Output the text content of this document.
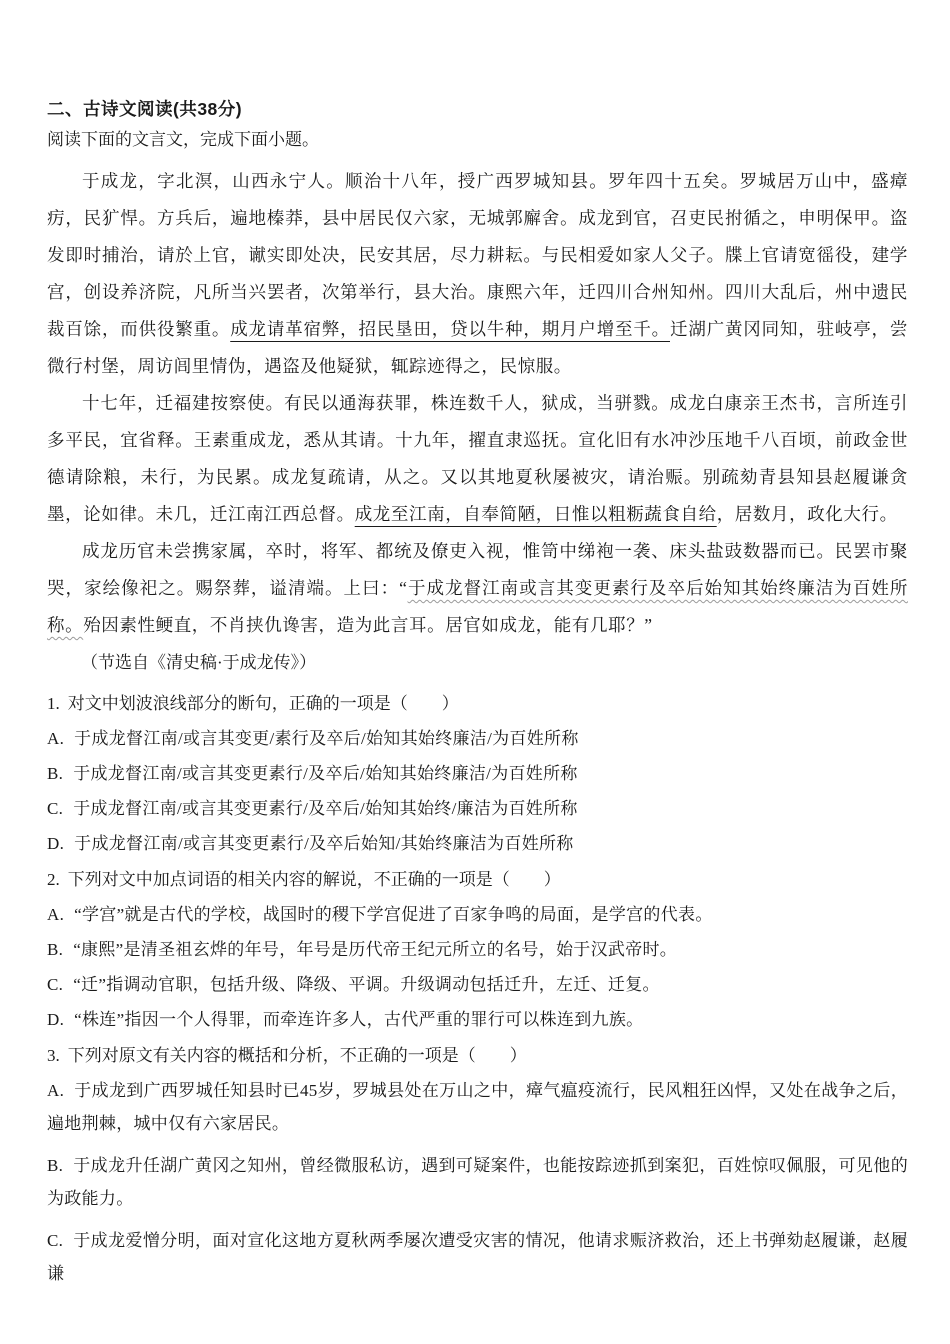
二、古诗文阅读(共38分)
阅读下面的文言文，完成下面小题。

于成龙，字北溟，山西永宁人。顺治十八年，授广西罗城知县。罗年四十五矣。罗城居万山中，盛瘴疠，民犷悍。方兵后，遍地榛莽，县中居民仅六家，无城郭廨舍。成龙到官，召吏民拊循之，申明保甲。盗发即时捕治，请於上官，谳实即处决，民安其居，尽力耕耘。与民相爱如家人父子。牒上官请宽徭役，建学宫，创设养济院，凡所当兴罢者，次第举行，县大治。康熙六年，迁四川合州知州。四川大乱后，州中遗民裁百馀，而供役繁重。成龙请革宿弊，招民垦田，贷以牛种，期月户增至千。迁湖广黄冈同知，驻岐亭，尝微行村堡，周访闾里情伪，遇盗及他疑狱，辄踪迹得之，民惊服。

十七年，迁福建按察使。有民以通海获罪，株连数千人，狱成，当骈戮。成龙白康亲王杰书，言所连引多平民，宜省释。王素重成龙，悉从其请。十九年，擢直隶巡抚。宣化旧有水冲沙压地千八百顷，前政金世德请除粮，未行，为民累。成龙复疏请，从之。又以其地夏秋屡被灾，请治赈。别疏劾青县知县赵履谦贪墨，论如律。未几，迁江南江西总督。成龙至江南，自奉简陋，日惟以粗粝蔬食自给，居数月，政化大行。

成龙历官未尝携家属，卒时，将军、都统及僚吏入视，惟笥中绨袍一袭、床头盐豉数器而已。民罢市聚哭，家绘像祀之。赐祭葬，谥清端。上曰：“于成龙督江南或言其变更素行及卒后始知其始终廉洁为百姓所称。殆因素性鲠直，不肖挟仇谗害，造为此言耳。居官如成龙，能有几耶？”

（节选自《清史稿·于成龙传》）
1. 对文中划波浪线部分的断句，正确的一项是（　　）
A. 于成龙督江南/或言其变更/素行及卒后/始知其始终廉洁/为百姓所称
B. 于成龙督江南/或言其变更素行/及卒后/始知其始终廉洁/为百姓所称
C. 于成龙督江南/或言其变更素行/及卒后/始知其始终/廉洁为百姓所称
D. 于成龙督江南/或言其变更素行/及卒后始知/其始终廉洁为百姓所称
2. 下列对文中加点词语的相关内容的解说，不正确的一项是（　　）
A. “学宫”就是古代的学校，战国时的稷下学宫促进了百家争鸣的局面，是学宫的代表。
B. “康熙”是清圣祖玄烨的年号，年号是历代帝王纪元所立的名号，始于汉武帝时。
C. “迁”指调动官职，包括升级、降级、平调。升级调动包括迁升，左迁、迁复。
D. “株连”指因一个人得罪，而牵连许多人，古代严重的罪行可以株连到九族。
3. 下列对原文有关内容的概括和分析，不正确的一项是（　　）
A. 于成龙到广西罗城任知县时已45岁，罗城县处在万山之中，瘴气瘟疫流行，民风粗狂凶悍，又处在战争之后，遍地荆棘，城中仅有六家居民。
B. 于成龙升任湖广黄冈之知州，曾经微服私访，遇到可疑案件，也能按踪迹抓到案犯，百姓惊叹佩服，可见他的为政能力。
C. 于成龙爱憎分明，面对宣化这地方夏秋两季屡次遭受灾害的情况，他请求赈济救治，还上书弹劾赵履谦，赵履谦
